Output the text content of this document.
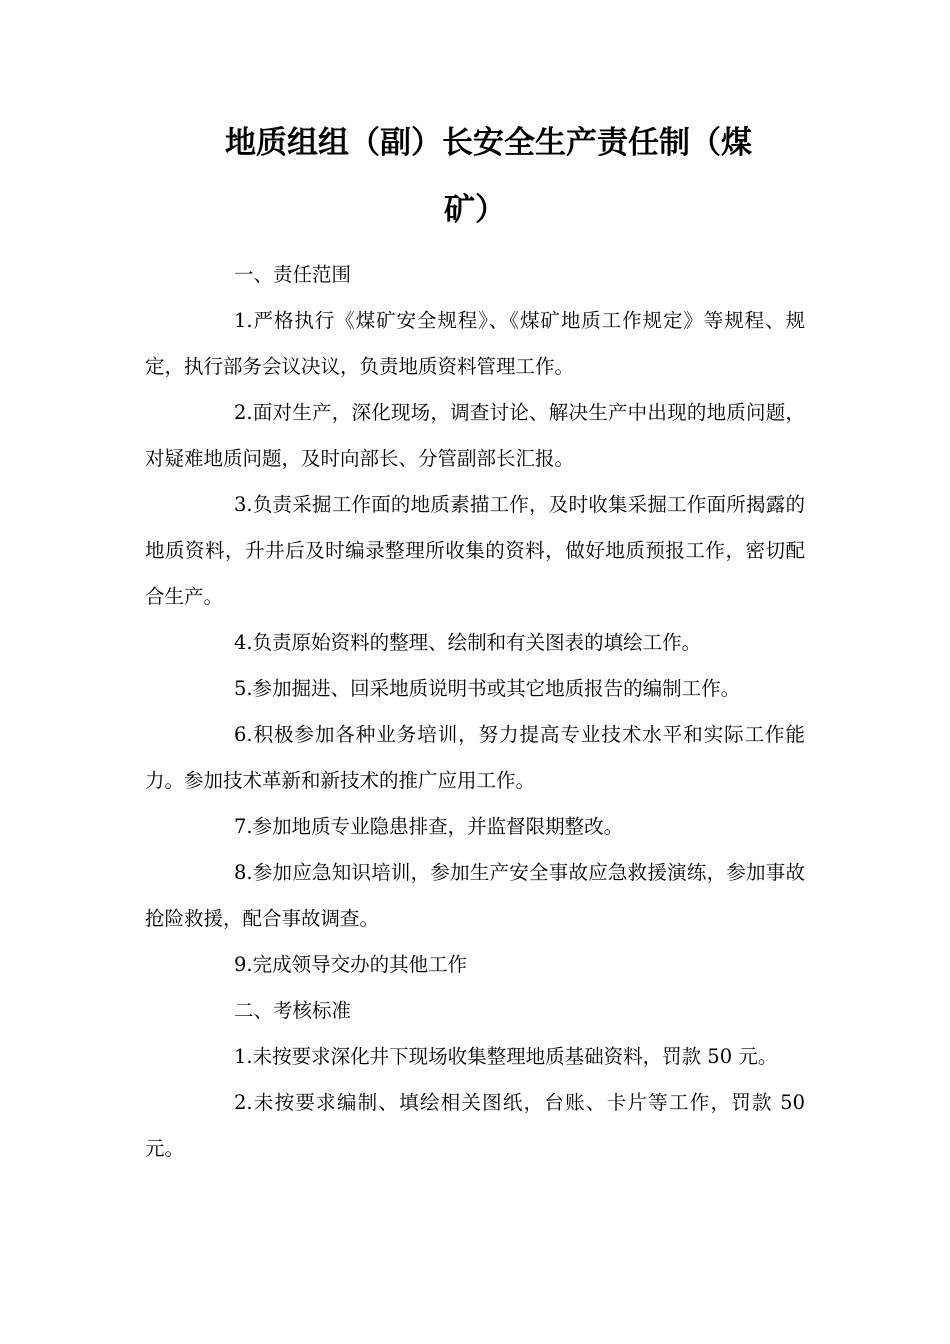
地质组组（副）长安全生产责任制（煤
矿）

一、责任范围

1.严格执行《煤矿安全规程》、《煤矿地质工作规定》等规程、规定，执行部务会议决议，负责地质资料管理工作。

2.面对生产，深化现场，调查讨论、解决生产中出现的地质问题，对疑难地质问题，及时向部长、分管副部长汇报。

3.负责采掘工作面的地质素描工作，及时收集采掘工作面所揭露的地质资料，升井后及时编录整理所收集的资料，做好地质预报工作，密切配合生产。

4.负责原始资料的整理、绘制和有关图表的填绘工作。

5.参加掘进、回采地质说明书或其它地质报告的编制工作。

6.积极参加各种业务培训，努力提高专业技术水平和实际工作能力。参加技术革新和新技术的推广应用工作。

7.参加地质专业隐患排查，并监督限期整改。

8.参加应急知识培训，参加生产安全事故应急救援演练，参加事故抢险救援，配合事故调查。

9.完成领导交办的其他工作

二、考核标准

1.未按要求深化井下现场收集整理地质基础资料，罚款 50 元。

2.未按要求编制、填绘相关图纸，台账、卡片等工作，罚款 50 元。
